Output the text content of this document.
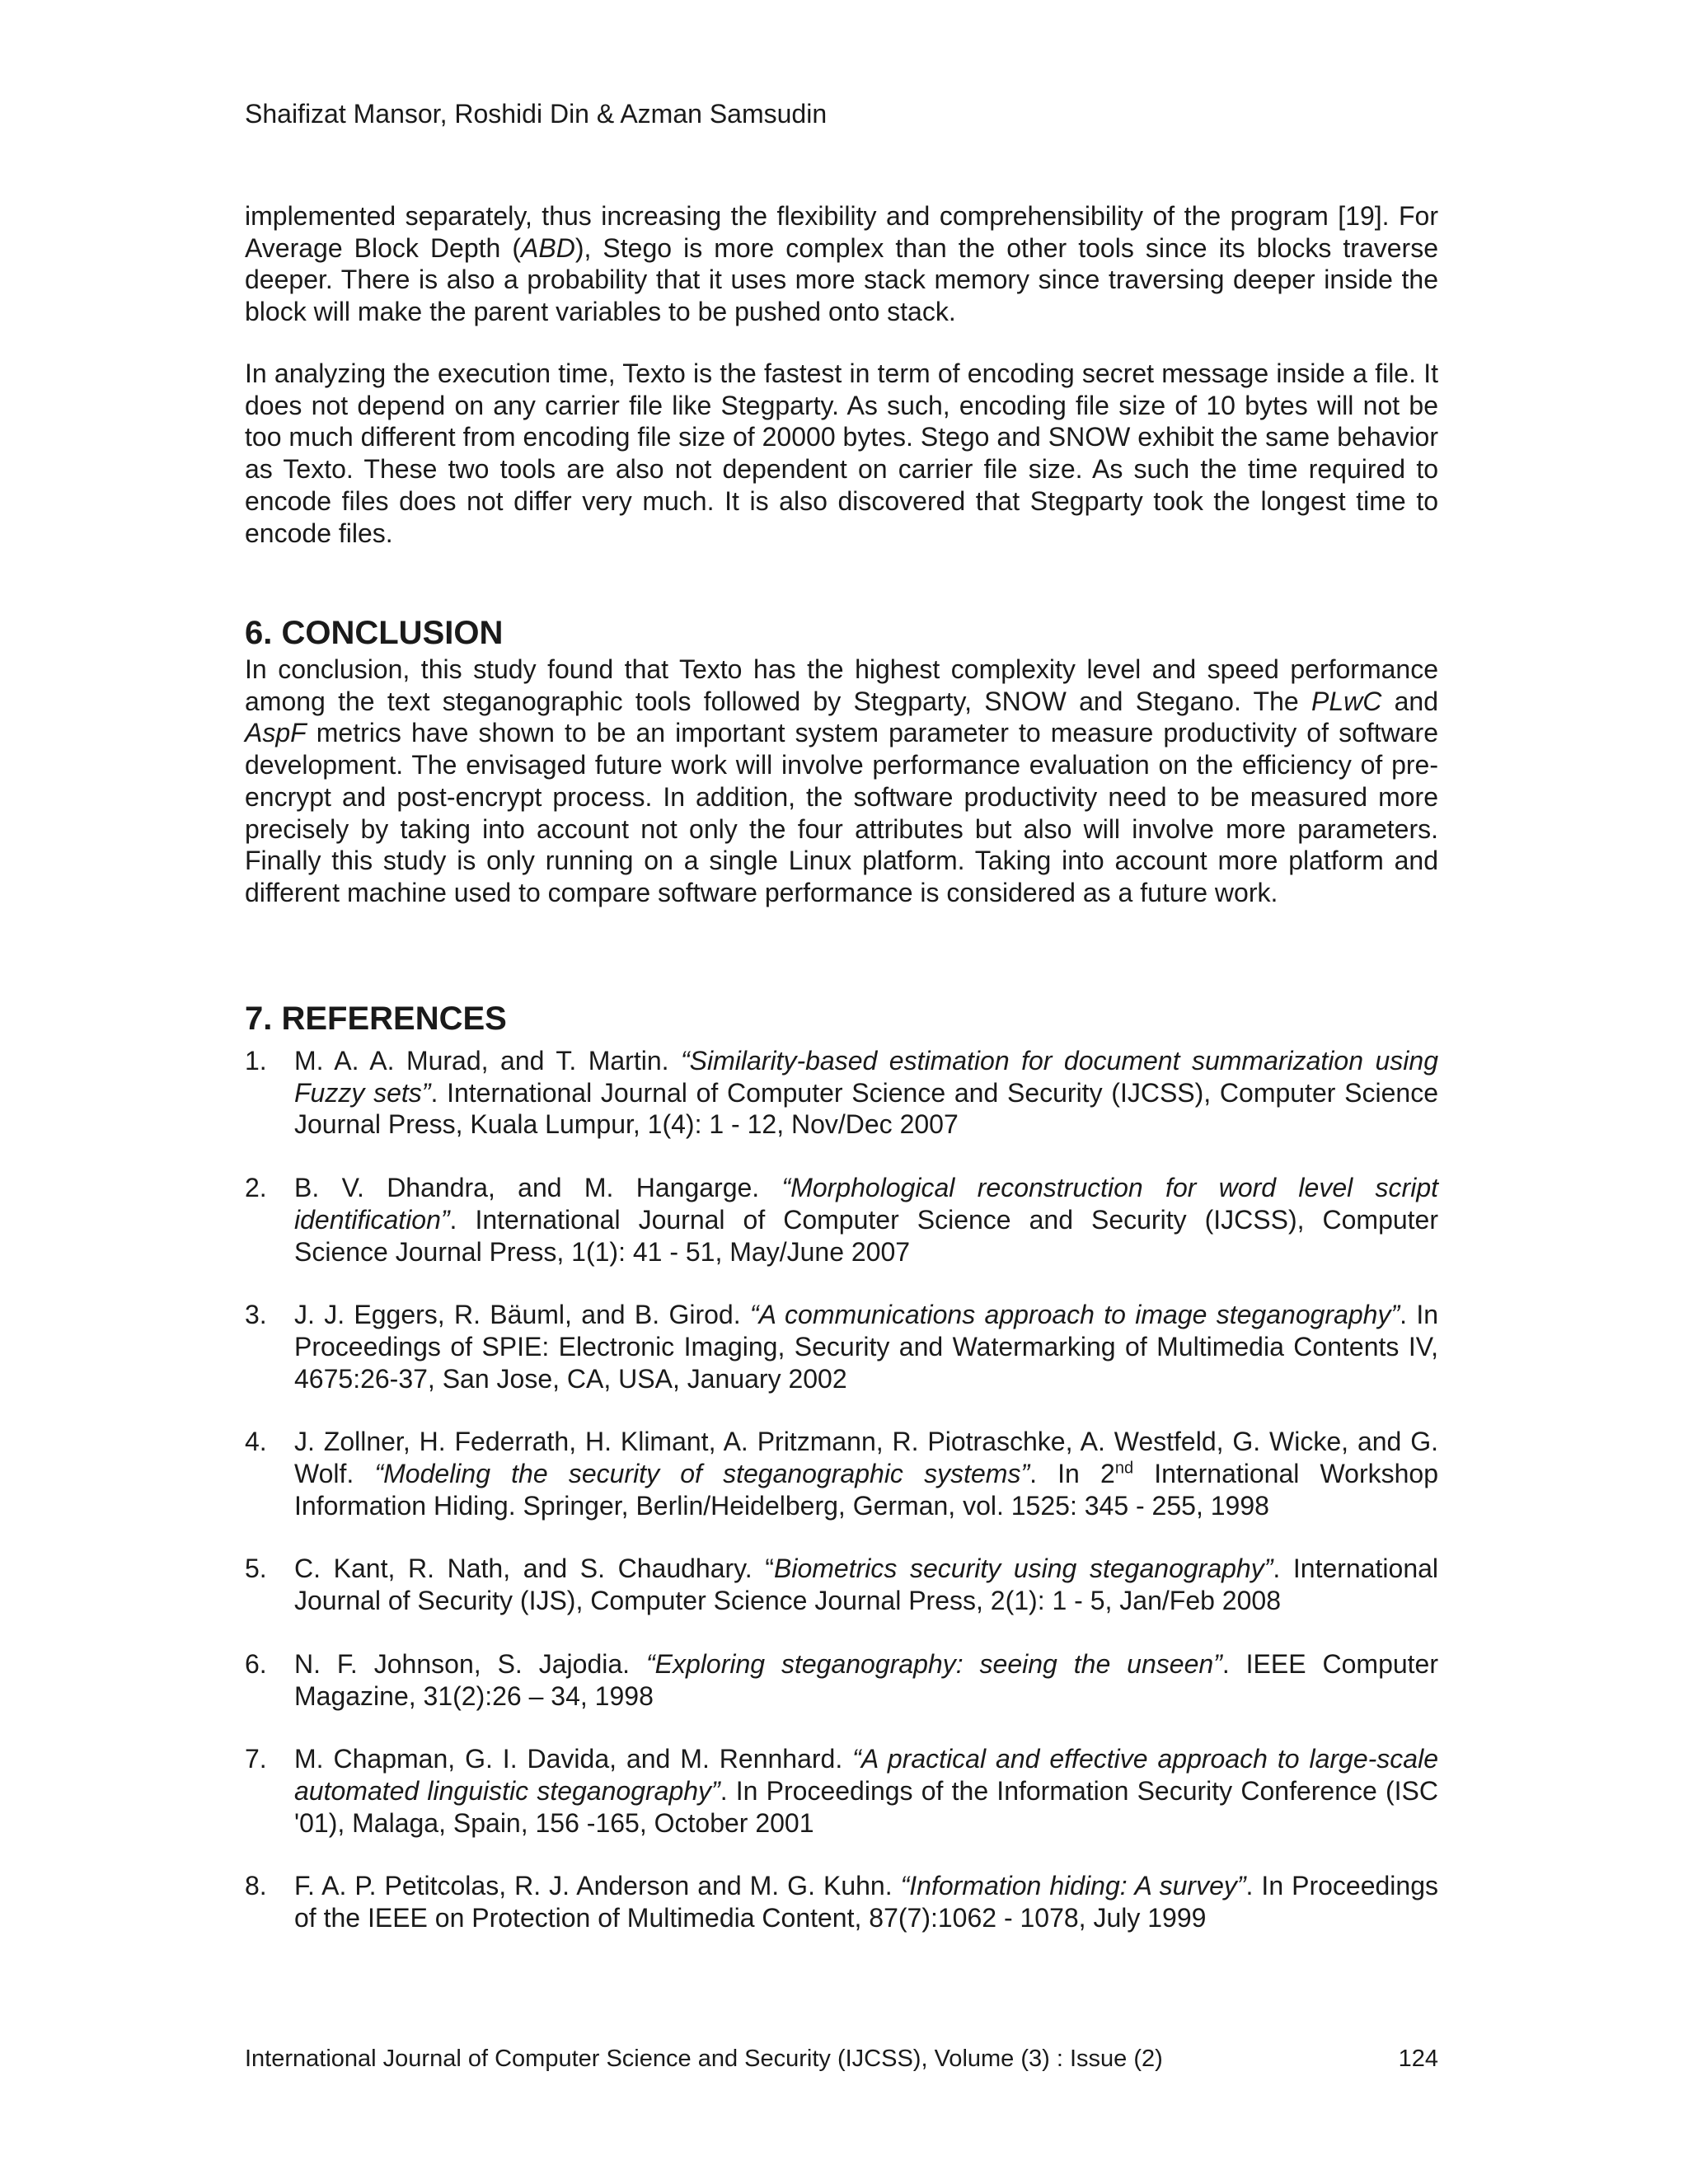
Shaifizat Mansor, Roshidi Din & Azman Samsudin

implemented separately, thus increasing the flexibility and comprehensibility of the program [19]. For Average Block Depth (ABD), Stego is more complex than the other tools since its blocks traverse deeper. There is also a probability that it uses more stack memory since traversing deeper inside the block will make the parent variables to be pushed onto stack.

In analyzing the execution time, Texto is the fastest in term of encoding secret message inside a file. It does not depend on any carrier file like Stegparty. As such, encoding file size of 10 bytes will not be too much different from encoding file size of 20000 bytes. Stego and SNOW exhibit the same behavior as Texto. These two tools are also not dependent on carrier file size. As such the time required to encode files does not differ very much. It is also discovered that Stegparty took the longest time to encode files.

6. CONCLUSION

In conclusion, this study found that Texto has the highest complexity level and speed performance among the text steganographic tools followed by Stegparty, SNOW and Stegano. The PLwC and AspF metrics have shown to be an important system parameter to measure productivity of software development. The envisaged future work will involve performance evaluation on the efficiency of pre-encrypt and post-encrypt process. In addition, the software productivity need to be measured more precisely by taking into account not only the four attributes but also will involve more parameters. Finally this study is only running on a single Linux platform. Taking into account more platform and different machine used to compare software performance is considered as a future work.

7. REFERENCES
1. M. A. A. Murad, and T. Martin. “Similarity-based estimation for document summarization using Fuzzy sets”. International Journal of Computer Science and Security (IJCSS), Computer Science Journal Press, Kuala Lumpur, 1(4): 1 - 12, Nov/Dec 2007
2. B. V. Dhandra, and M. Hangarge. “Morphological reconstruction for word level script identification”. International Journal of Computer Science and Security (IJCSS), Computer Science Journal Press, 1(1): 41 - 51, May/June 2007
3. J. J. Eggers, R. Bäuml, and B. Girod. “A communications approach to image steganography”. In Proceedings of SPIE: Electronic Imaging, Security and Watermarking of Multimedia Contents IV, 4675:26-37, San Jose, CA, USA, January 2002
4. J. Zollner, H. Federrath, H. Klimant, A. Pritzmann, R. Piotraschke, A. Westfeld, G. Wicke, and G. Wolf. “Modeling the security of steganographic systems”. In 2nd International Workshop Information Hiding. Springer, Berlin/Heidelberg, German, vol. 1525: 345 - 255, 1998
5. C. Kant, R. Nath, and S. Chaudhary. “Biometrics security using steganography”. International Journal of Security (IJS), Computer Science Journal Press, 2(1): 1 - 5, Jan/Feb 2008
6. N. F. Johnson, S. Jajodia. “Exploring steganography: seeing the unseen”. IEEE Computer Magazine, 31(2):26 – 34, 1998
7. M. Chapman, G. I. Davida, and M. Rennhard. “A practical and effective approach to large-scale automated linguistic steganography”. In Proceedings of the Information Security Conference (ISC '01), Malaga, Spain, 156 -165, October 2001
8. F. A. P. Petitcolas, R. J. Anderson and M. G. Kuhn. “Information hiding: A survey”. In Proceedings of the IEEE on Protection of Multimedia Content, 87(7):1062 - 1078, July 1999
International Journal of Computer Science and Security (IJCSS), Volume (3) : Issue (2)	124
